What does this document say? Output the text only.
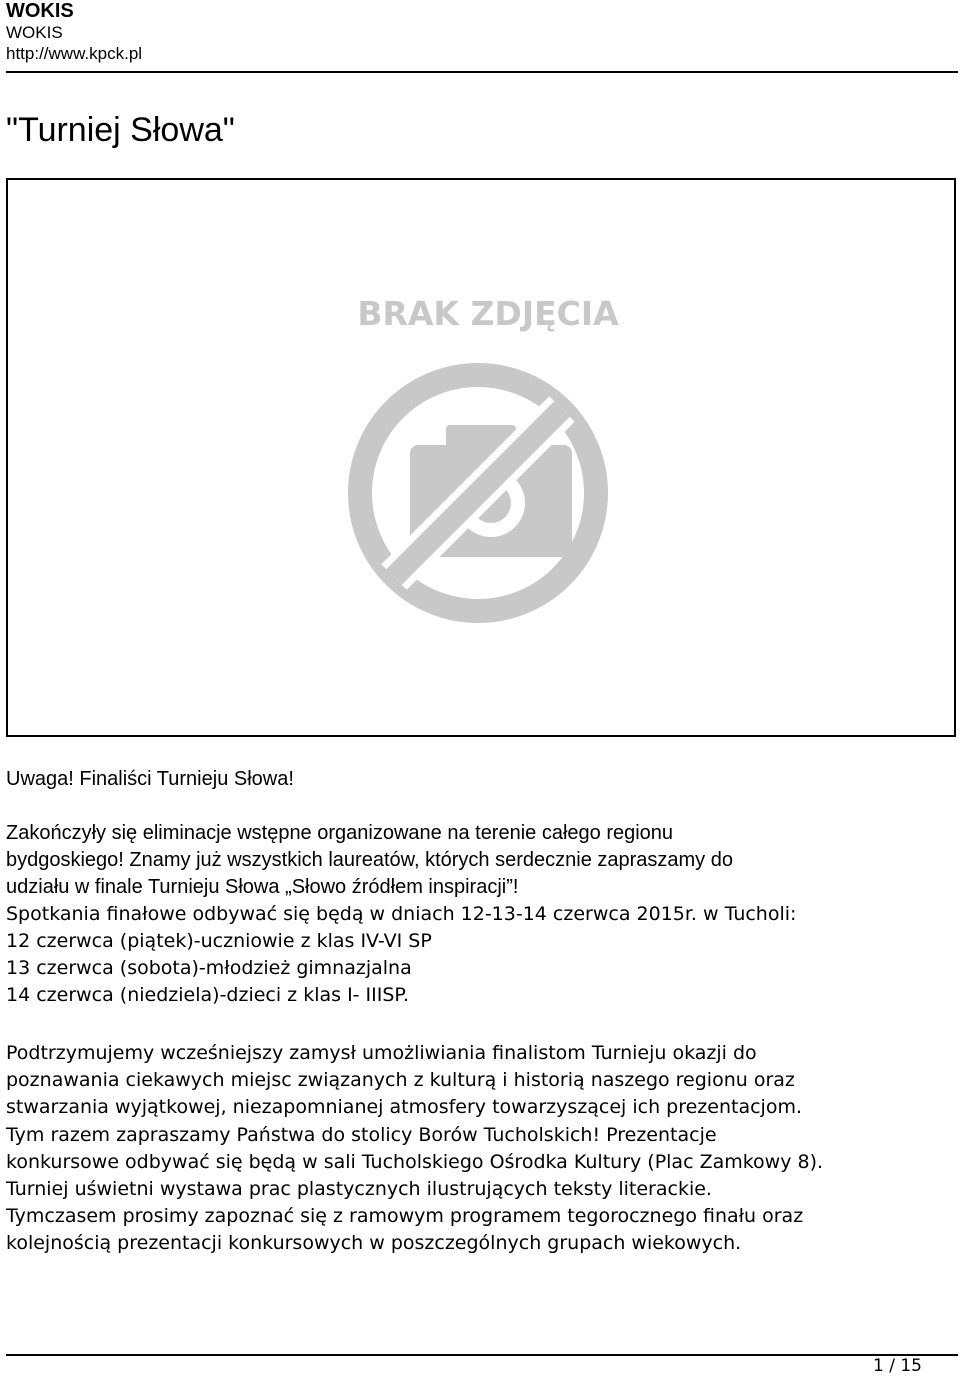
WOKIS
WOKIS
http://www.kpck.pl
"Turniej Słowa"
BRAK ZDJĘCIA

Uwaga! Finaliści Turnieju Słowa!

Zakończyły się eliminacje wstępne organizowane na terenie całego regionu
bydgoskiego! Znamy już wszystkich laureatów, których serdecznie zapraszamy do
udziału w finale Turnieju Słowa „Słowo źródłem inspiracji”!
Spotkania finałowe odbywać się będą w dniach 12-13-14 czerwca 2015r. w Tucholi:
12 czerwca (piątek)-uczniowie z klas IV-VI SP
13 czerwca (sobota)-młodzież gimnazjalna
14 czerwca (niedziela)-dzieci z klas I- IIISP.
Podtrzymujemy wcześniejszy zamysł umożliwiania finalistom Turnieju okazji do
poznawania ciekawych miejsc związanych z kulturą i historią naszego regionu oraz
stwarzania wyjątkowej, niezapomnianej atmosfery towarzyszącej ich prezentacjom.
Tym razem zapraszamy Państwa do stolicy Borów Tucholskich! Prezentacje
konkursowe odbywać się będą w sali Tucholskiego Ośrodka Kultury (Plac Zamkowy 8).
Turniej uświetni wystawa prac plastycznych ilustrujących teksty literackie.
Tymczasem prosimy zapoznać się z ramowym programem tegorocznego finału oraz
kolejnością prezentacji konkursowych w poszczególnych grupach wiekowych.
1 / 15
